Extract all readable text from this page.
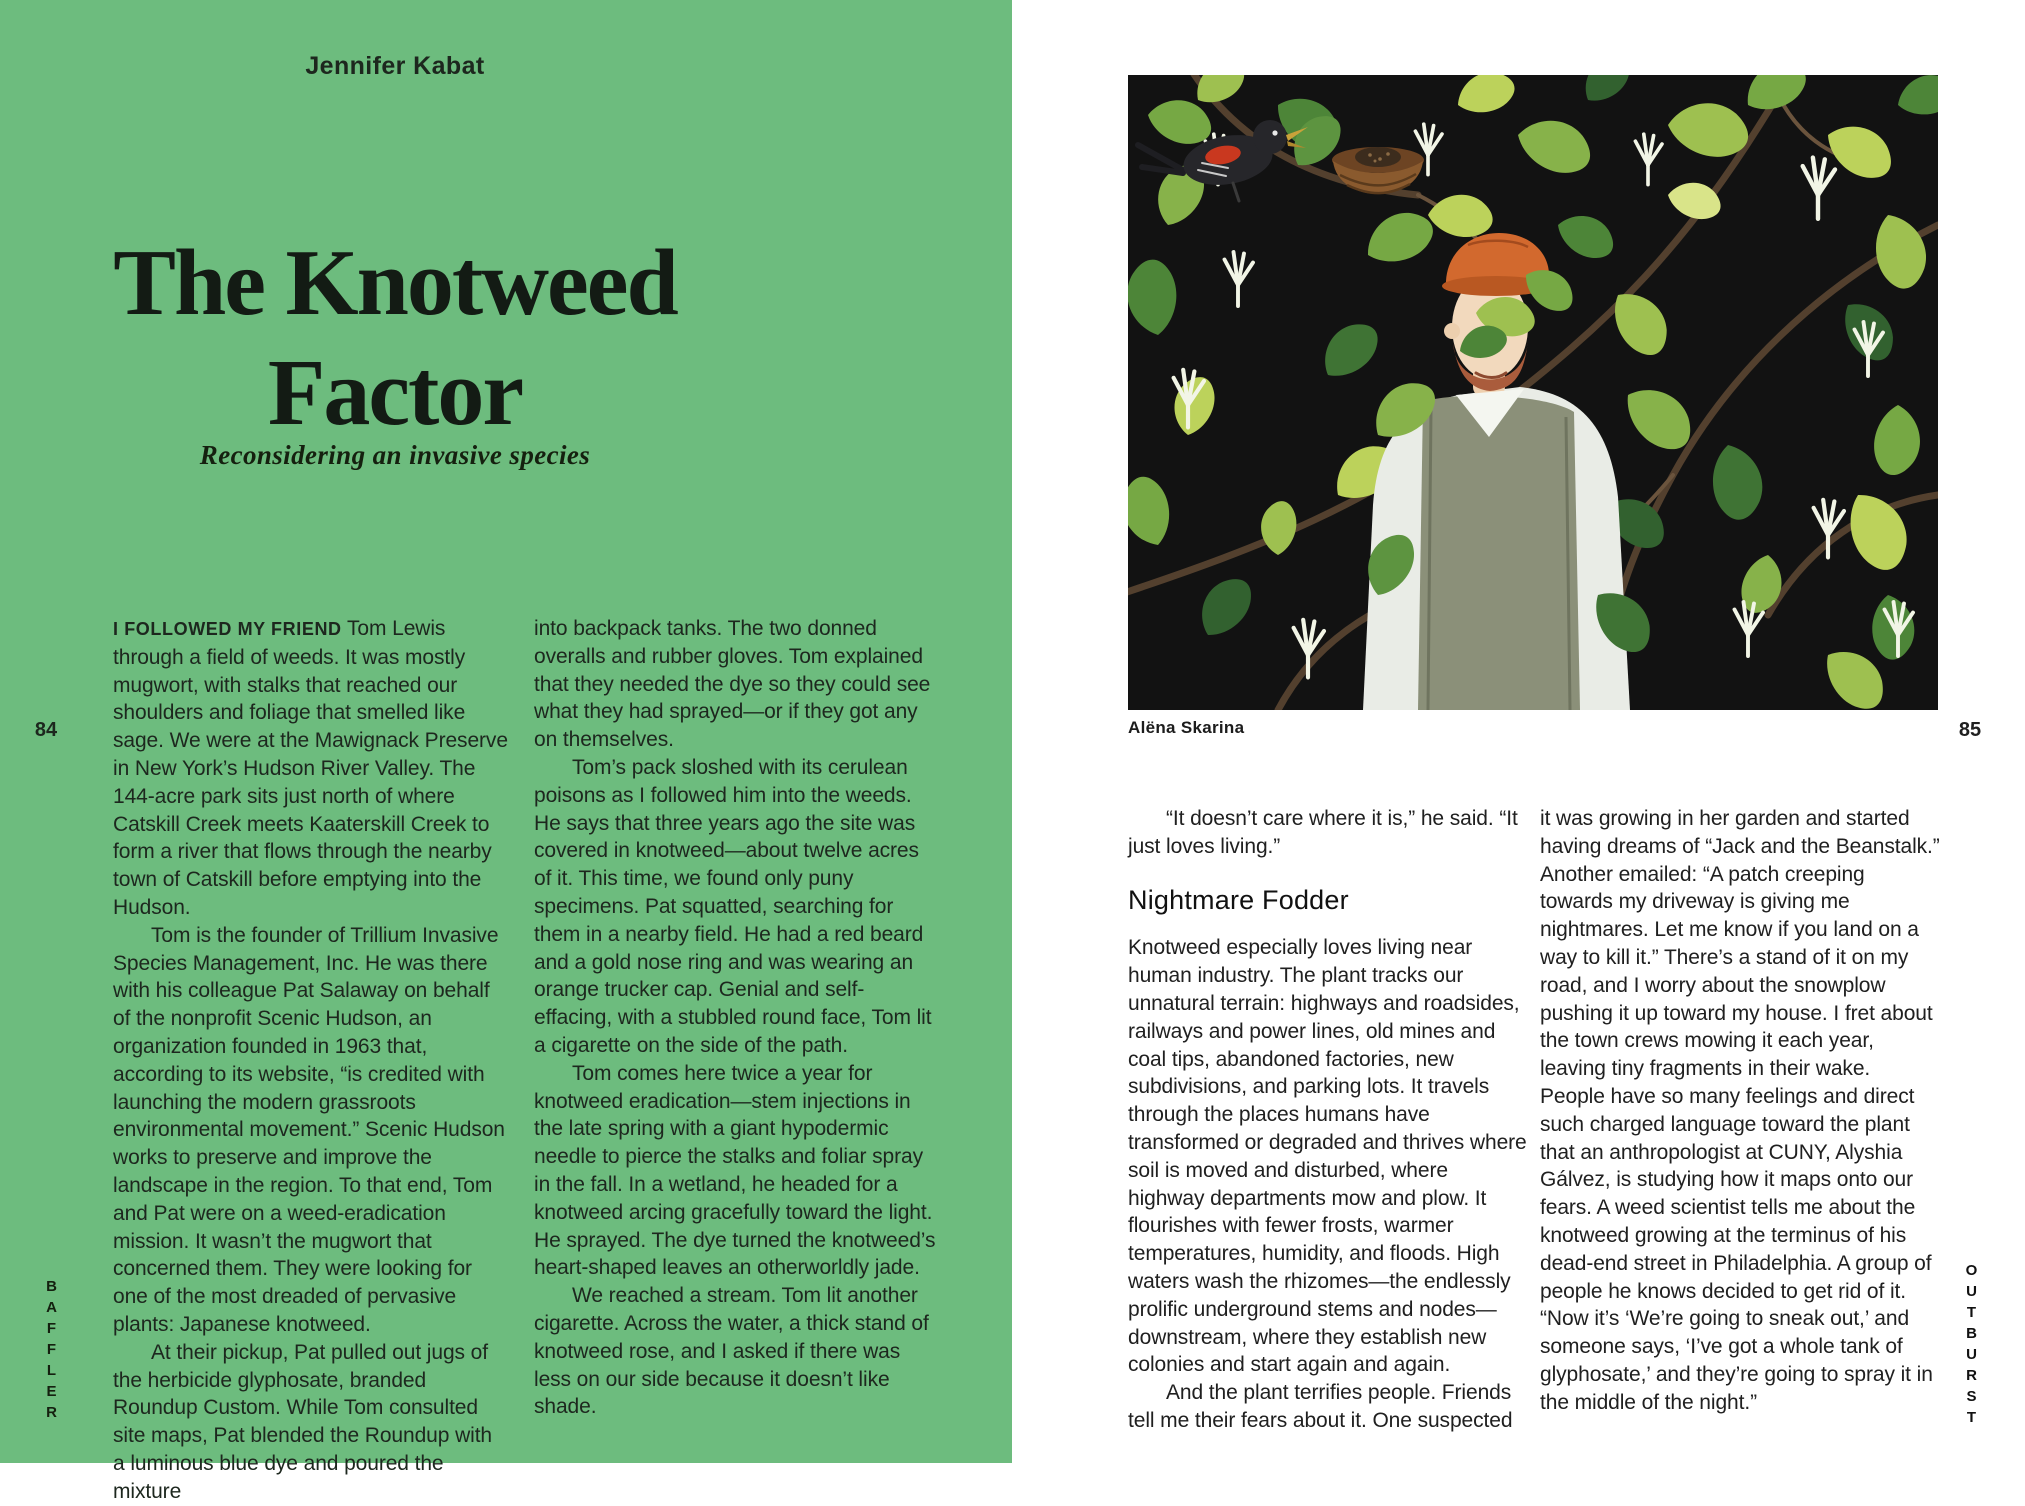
Jennifer Kabat
The Knotweed
Factor
Reconsidering an invasive species

I FOLLOWED MY FRIEND Tom Lewis through a field of weeds. It was mostly mugwort, with stalks that reached our shoulders and foliage that smelled like sage. We were at the Mawignack Preserve in New York’s Hudson River Valley. The 144-acre park sits just north of where Catskill Creek meets Kaaterskill Creek to form a river that flows through the nearby town of Catskill before emptying into the Hudson.

Tom is the founder of Trillium Invasive Species Management, Inc. He was there with his colleague Pat Salaway on behalf of the nonprofit Scenic Hudson, an organization founded in 1963 that, according to its website, “is credited with launching the modern grassroots environmental movement.” Scenic Hudson works to preserve and improve the landscape in the region. To that end, Tom and Pat were on a weed-eradication mission. It wasn’t the mugwort that concerned them. They were looking for one of the most dreaded of pervasive plants: Japanese knotweed.

At their pickup, Pat pulled out jugs of the herbicide glyphosate, branded Roundup Custom. While Tom consulted site maps, Pat blended the Roundup with a luminous blue dye and poured the mixture

into backpack tanks. The two donned overalls and rubber gloves. Tom explained that they needed the dye so they could see what they had sprayed—or if they got any on themselves.

Tom’s pack sloshed with its cerulean poisons as I followed him into the weeds. He says that three years ago the site was covered in knotweed—about twelve acres of it. This time, we found only puny specimens. Pat squatted, searching for them in a nearby field. He had a red beard and a gold nose ring and was wearing an orange trucker cap. Genial and self-effacing, with a stubbled round face, Tom lit a cigarette on the side of the path.

Tom comes here twice a year for knotweed eradication—stem injections in the late spring with a giant hypodermic needle to pierce the stalks and foliar spray in the fall. In a wetland, he headed for a knotweed arcing gracefully toward the light. He sprayed. The dye turned the knotweed’s heart-shaped leaves an otherworldly jade.

We reached a stream. Tom lit another cigarette. Across the water, a thick stand of knotweed rose, and I asked if there was less on our side because it doesn’t like shade.

84
BAFFLER
Alëna Skarina

“It doesn’t care where it is,” he said. “It just loves living.”

Nightmare Fodder

Knotweed especially loves living near human industry. The plant tracks our unnatural terrain: highways and roadsides, railways and power lines, old mines and coal tips, abandoned factories, new subdivisions, and parking lots. It travels through the places humans have transformed or degraded and thrives where soil is moved and disturbed, where highway departments mow and plow. It flourishes with fewer frosts, warmer temperatures, humidity, and floods. High waters wash the rhizomes—the endlessly prolific underground stems and nodes—downstream, where they establish new colonies and start again and again.

And the plant terrifies people. Friends tell me their fears about it. One suspected

it was growing in her garden and started having dreams of “Jack and the Beanstalk.” Another emailed: “A patch creeping towards my driveway is giving me nightmares. Let me know if you land on a way to kill it.” There’s a stand of it on my road, and I worry about the snowplow pushing it up toward my house. I fret about the town crews mowing it each year, leaving tiny fragments in their wake. People have so many feelings and direct such charged language toward the plant that an anthropologist at CUNY, Alyshia Gálvez, is studying how it maps onto our fears. A weed scientist tells me about the knotweed growing at the terminus of his dead-end street in Philadelphia. A group of people he knows decided to get rid of it. “Now it’s ‘We’re going to sneak out,’ and someone says, ‘I’ve got a whole tank of glyphosate,’ and they’re going to spray it in the middle of the night.”

85
OUTBURST
